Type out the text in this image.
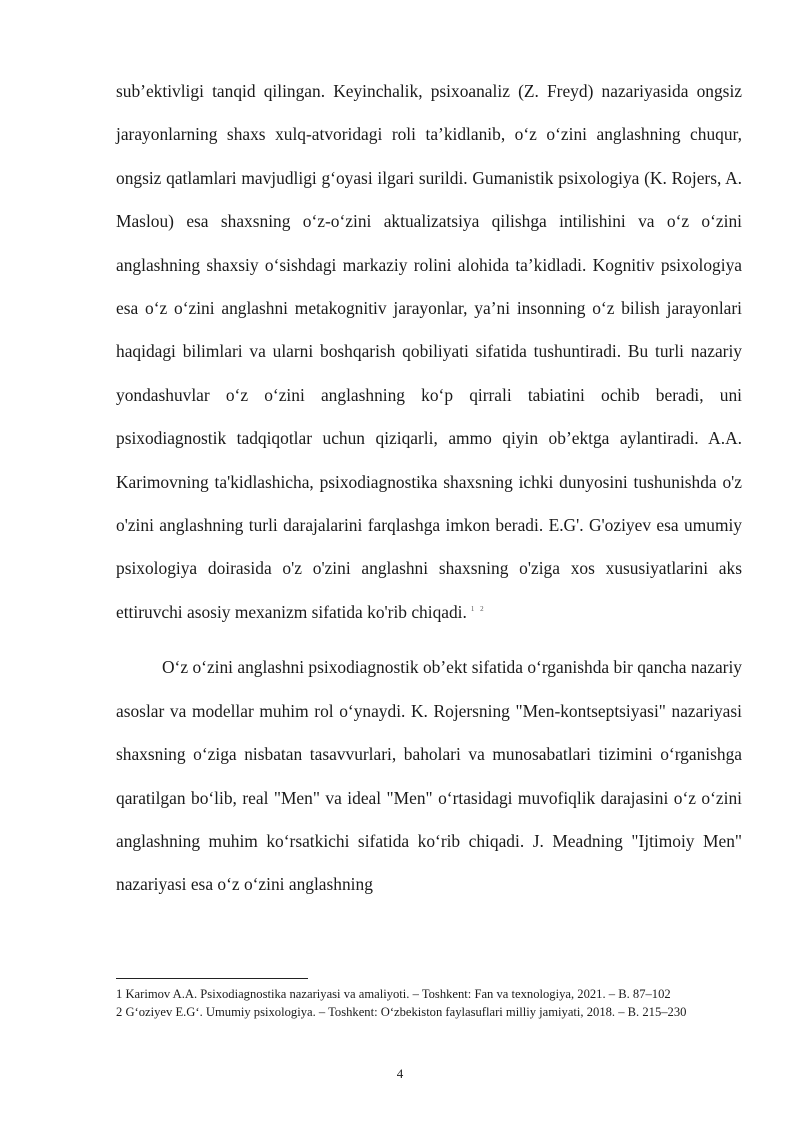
sub’ektivligi tanqid qilingan. Keyinchalik, psixoanaliz (Z. Freyd) nazariyasida ongsiz jarayonlarning shaxs xulq-atvoridagi roli ta’kidlanib, o‘z o‘zini anglashning chuqur, ongsiz qatlamlari mavjudligi g‘oyasi ilgari surildi. Gumanistik psixologiya (K. Rojers, A. Maslou) esa shaxsning o‘z-o‘zini aktualizatsiya qilishga intilishini va o‘z o‘zini anglashning shaxsiy o‘sishdagi markaziy rolini alohida ta’kidladi. Kognitiv psixologiya esa o‘z o‘zini anglashni metakognitiv jarayonlar, ya’ni insonning o‘z bilish jarayonlari haqidagi bilimlari va ularni boshqarish qobiliyati sifatida tushuntiradi. Bu turli nazariy yondashuvlar o‘z o‘zini anglashning ko‘p qirrali tabiatini ochib beradi, uni psixodiagnostik tadqiqotlar uchun qiziqarli, ammo qiyin ob’ektga aylantiradi. A.A. Karimovning ta'kidlashicha, psixodiagnostika shaxsning ichki dunyosini tushunishda o'z o'zini anglashning turli darajalarini farqlashga imkon beradi. E.G'. G'oziyev esa umumiy psixologiya doirasida o'z o'zini anglashni shaxsning o'ziga xos xususiyatlarini aks ettiruvchi asosiy mexanizm sifatida ko'rib chiqadi. $^{1 2}$

O‘z o‘zini anglashni psixodiagnostik ob’ekt sifatida o‘rganishda bir qancha nazariy asoslar va modellar muhim rol o‘ynaydi. K. Rojersning "Men-kontseptsiyasi" nazariyasi shaxsning o‘ziga nisbatan tasavvurlari, baholari va munosabatlari tizimini o‘rganishga qaratilgan bo‘lib, real "Men" va ideal "Men" o‘rtasidagi muvofiqlik darajasini o‘z o‘zini anglashning muhim ko‘rsatkichi sifatida ko‘rib chiqadi. J. Meadning "Ijtimoiy Men" nazariyasi esa o‘z o‘zini anglashning

1 Karimov A.A. Psixodiagnostika nazariyasi va amaliyoti. – Toshkent: Fan va texnologiya, 2021. – B. 87–102

2 G‘oziyev E.G‘. Umumiy psixologiya. – Toshkent: O‘zbekiston faylasuflari milliy jamiyati, 2018. – B. 215–230

4
